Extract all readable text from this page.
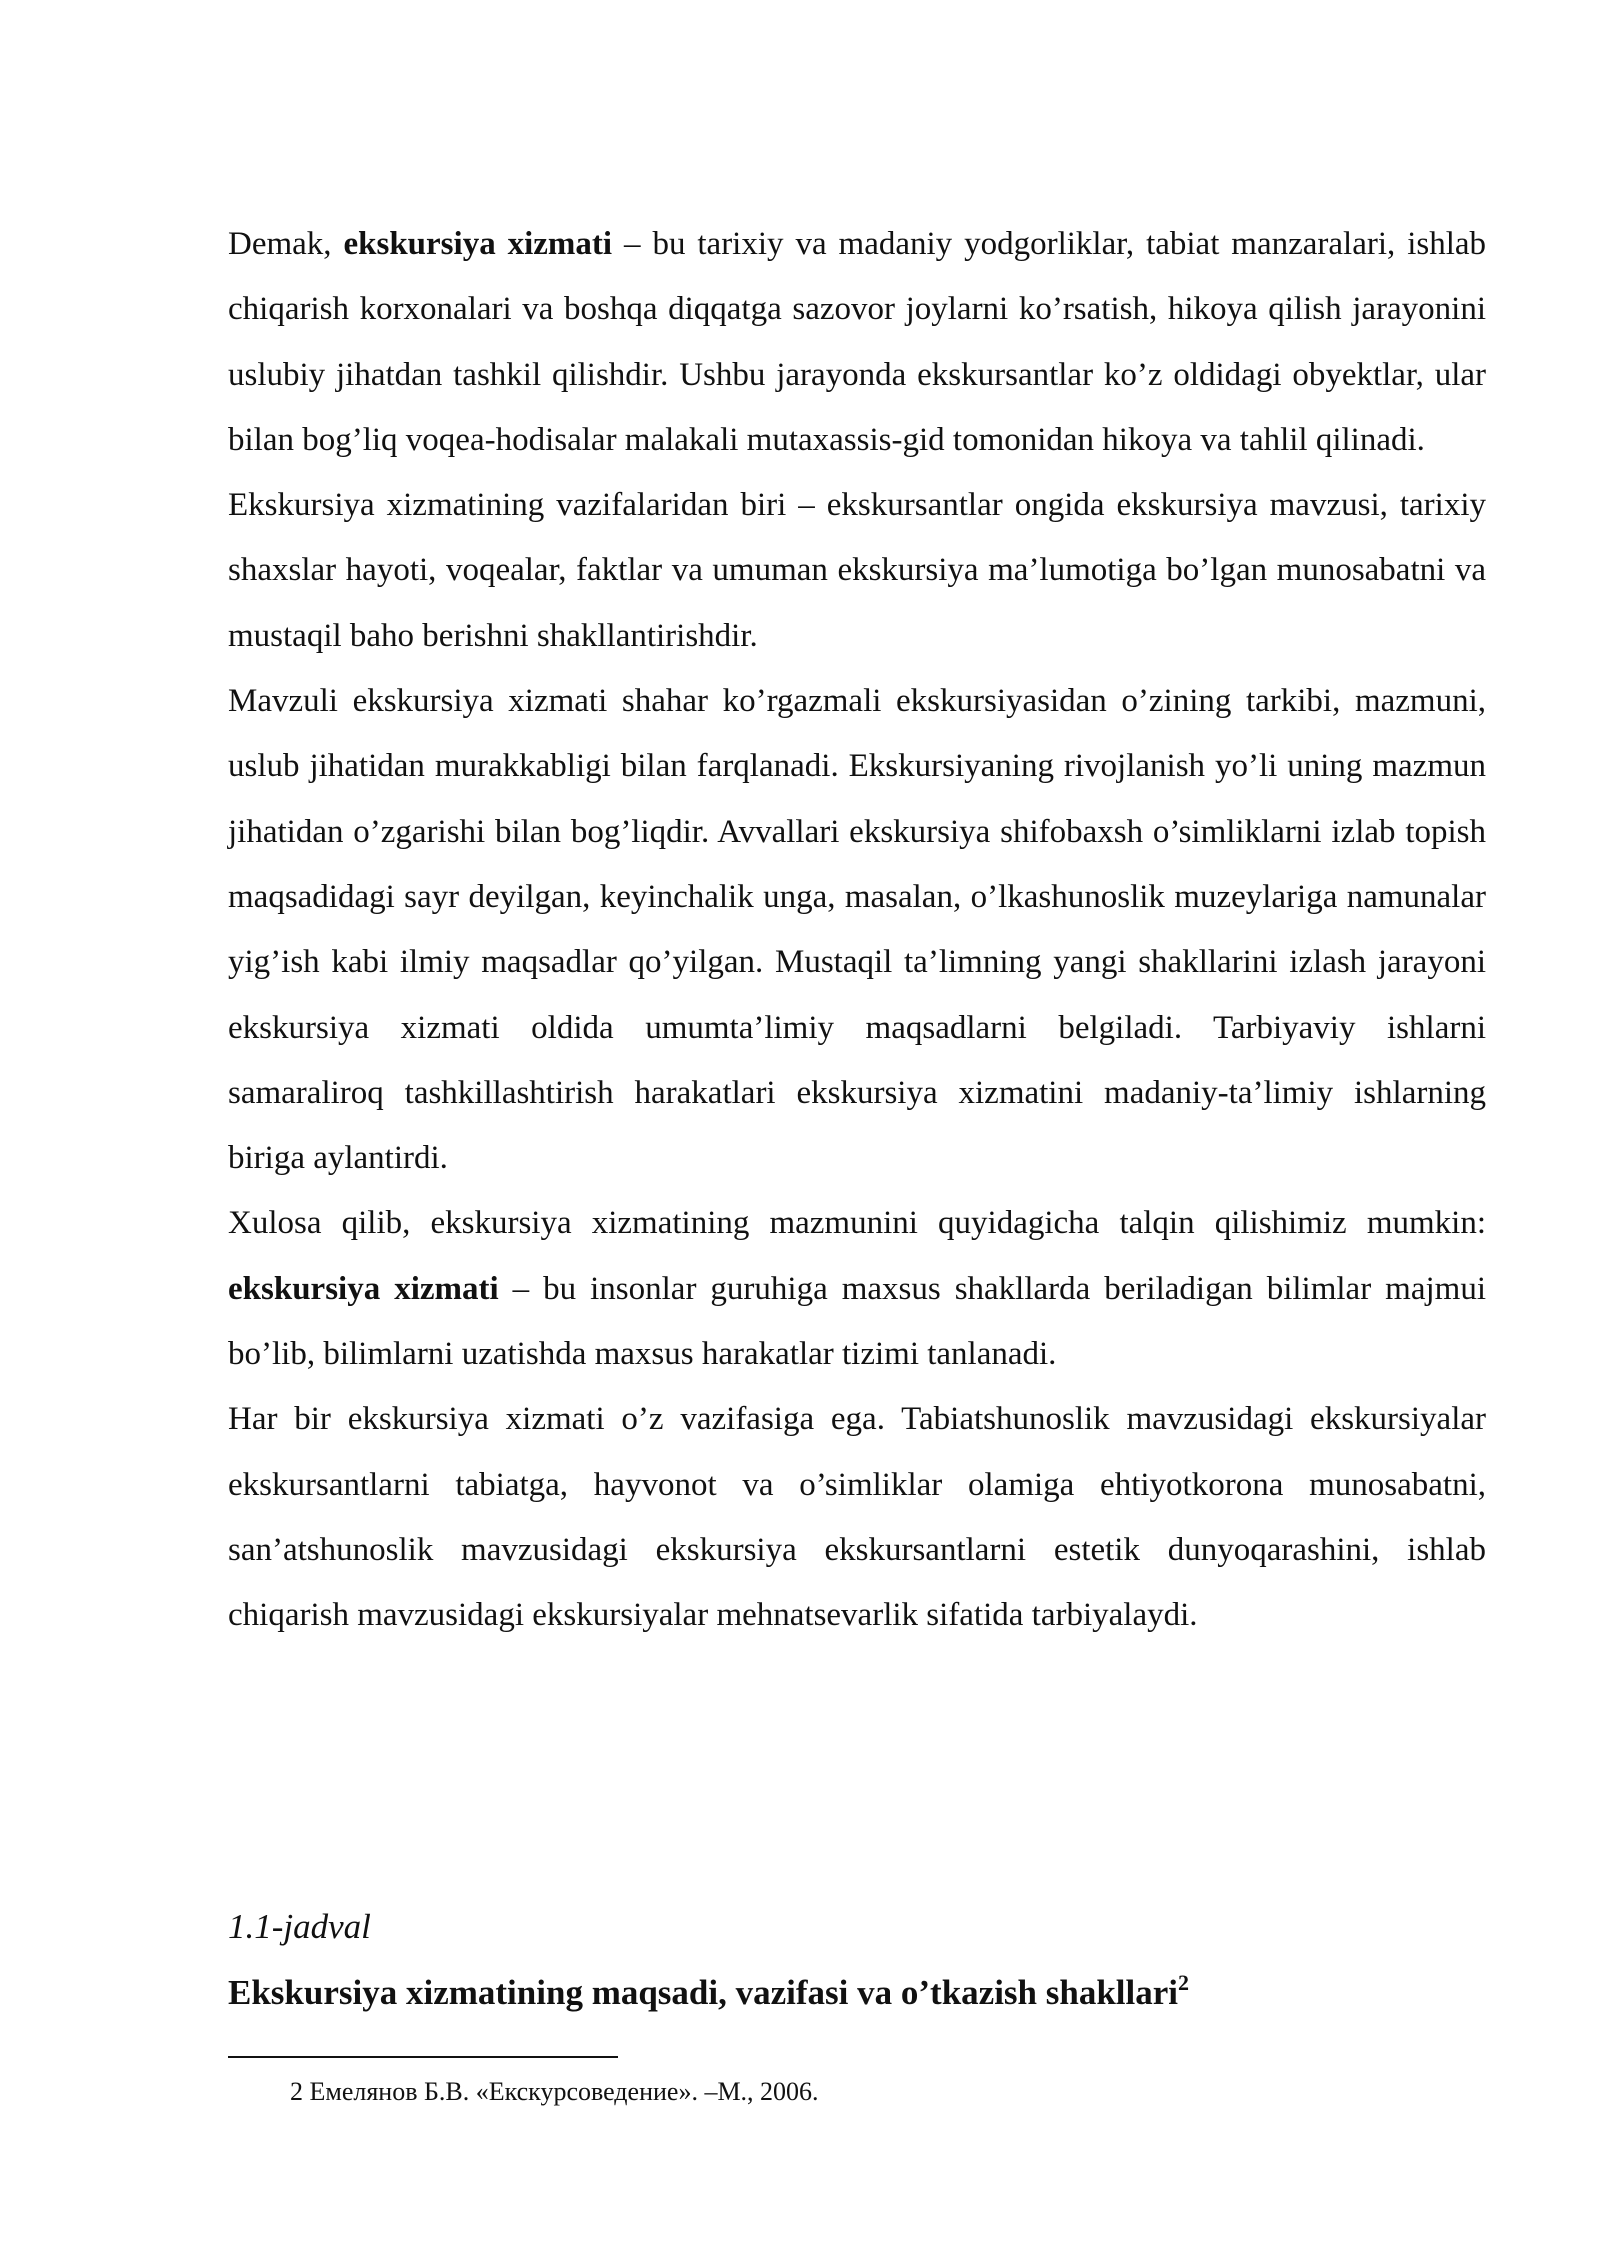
Demak, ekskursiya xizmati – bu tarixiy va madaniy yodgorliklar, tabiat manzaralari, ishlab chiqarish korxonalari va boshqa diqqatga sazovor joylarni ko’rsatish, hikoya qilish jarayonini uslubiy jihatdan tashkil qilishdir. Ushbu jarayonda ekskursantlar ko’z oldidagi obyektlar, ular bilan bog’liq voqea-hodisalar malakali mutaxassis-gid tomonidan hikoya va tahlil qilinadi.

Ekskursiya xizmatining vazifalaridan biri – ekskursantlar ongida ekskursiya mavzusi, tarixiy shaxslar hayoti, voqealar, faktlar va umuman ekskursiya ma’lumotiga bo’lgan munosabatni va mustaqil baho berishni shakllantirishdir.

Mavzuli ekskursiya xizmati shahar ko’rgazmali ekskursiyasidan o’zining tarkibi, mazmuni, uslub jihatidan murakkabligi bilan farqlanadi. Ekskursiyaning rivojlanish yo’li uning mazmun jihatidan o’zgarishi bilan bog’liqdir. Avvallari ekskursiya shifobaxsh o’simliklarni izlab topish maqsadidagi sayr deyilgan, keyinchalik unga, masalan, o’lkashunoslik muzeylariga namunalar yig’ish kabi ilmiy maqsadlar qo’yilgan. Mustaqil ta’limning yangi shakllarini izlash jarayoni ekskursiya xizmati oldida umumta’limiy maqsadlarni belgiladi. Tarbiyaviy ishlarni samaraliroq tashkillashtirish harakatlari ekskursiya xizmatini madaniy-ta’limiy ishlarning biriga aylantirdi.

Xulosa qilib, ekskursiya xizmatining mazmunini quyidagicha talqin qilishimiz mumkin: ekskursiya xizmati – bu insonlar guruhiga maxsus shakllarda beriladigan bilimlar majmui bo’lib, bilimlarni uzatishda maxsus harakatlar tizimi tanlanadi.

Har bir ekskursiya xizmati o’z vazifasiga ega. Tabiatshunoslik mavzusidagi ekskursiyalar ekskursantlarni tabiatga, hayvonot va o’simliklar olamiga ehtiyotkorona munosabatni, san’atshunoslik mavzusidagi ekskursiya ekskursantlarni estetik dunyoqarashini, ishlab chiqarish mavzusidagi ekskursiyalar mehnatsevarlik sifatida tarbiyalaydi.

1.1-jadval

Ekskursiya xizmatining maqsadi, vazifasi va o’tkazish shakllari$^2$

2 Емелянов Б.В. «Екскурсоведение». –М., 2006.
